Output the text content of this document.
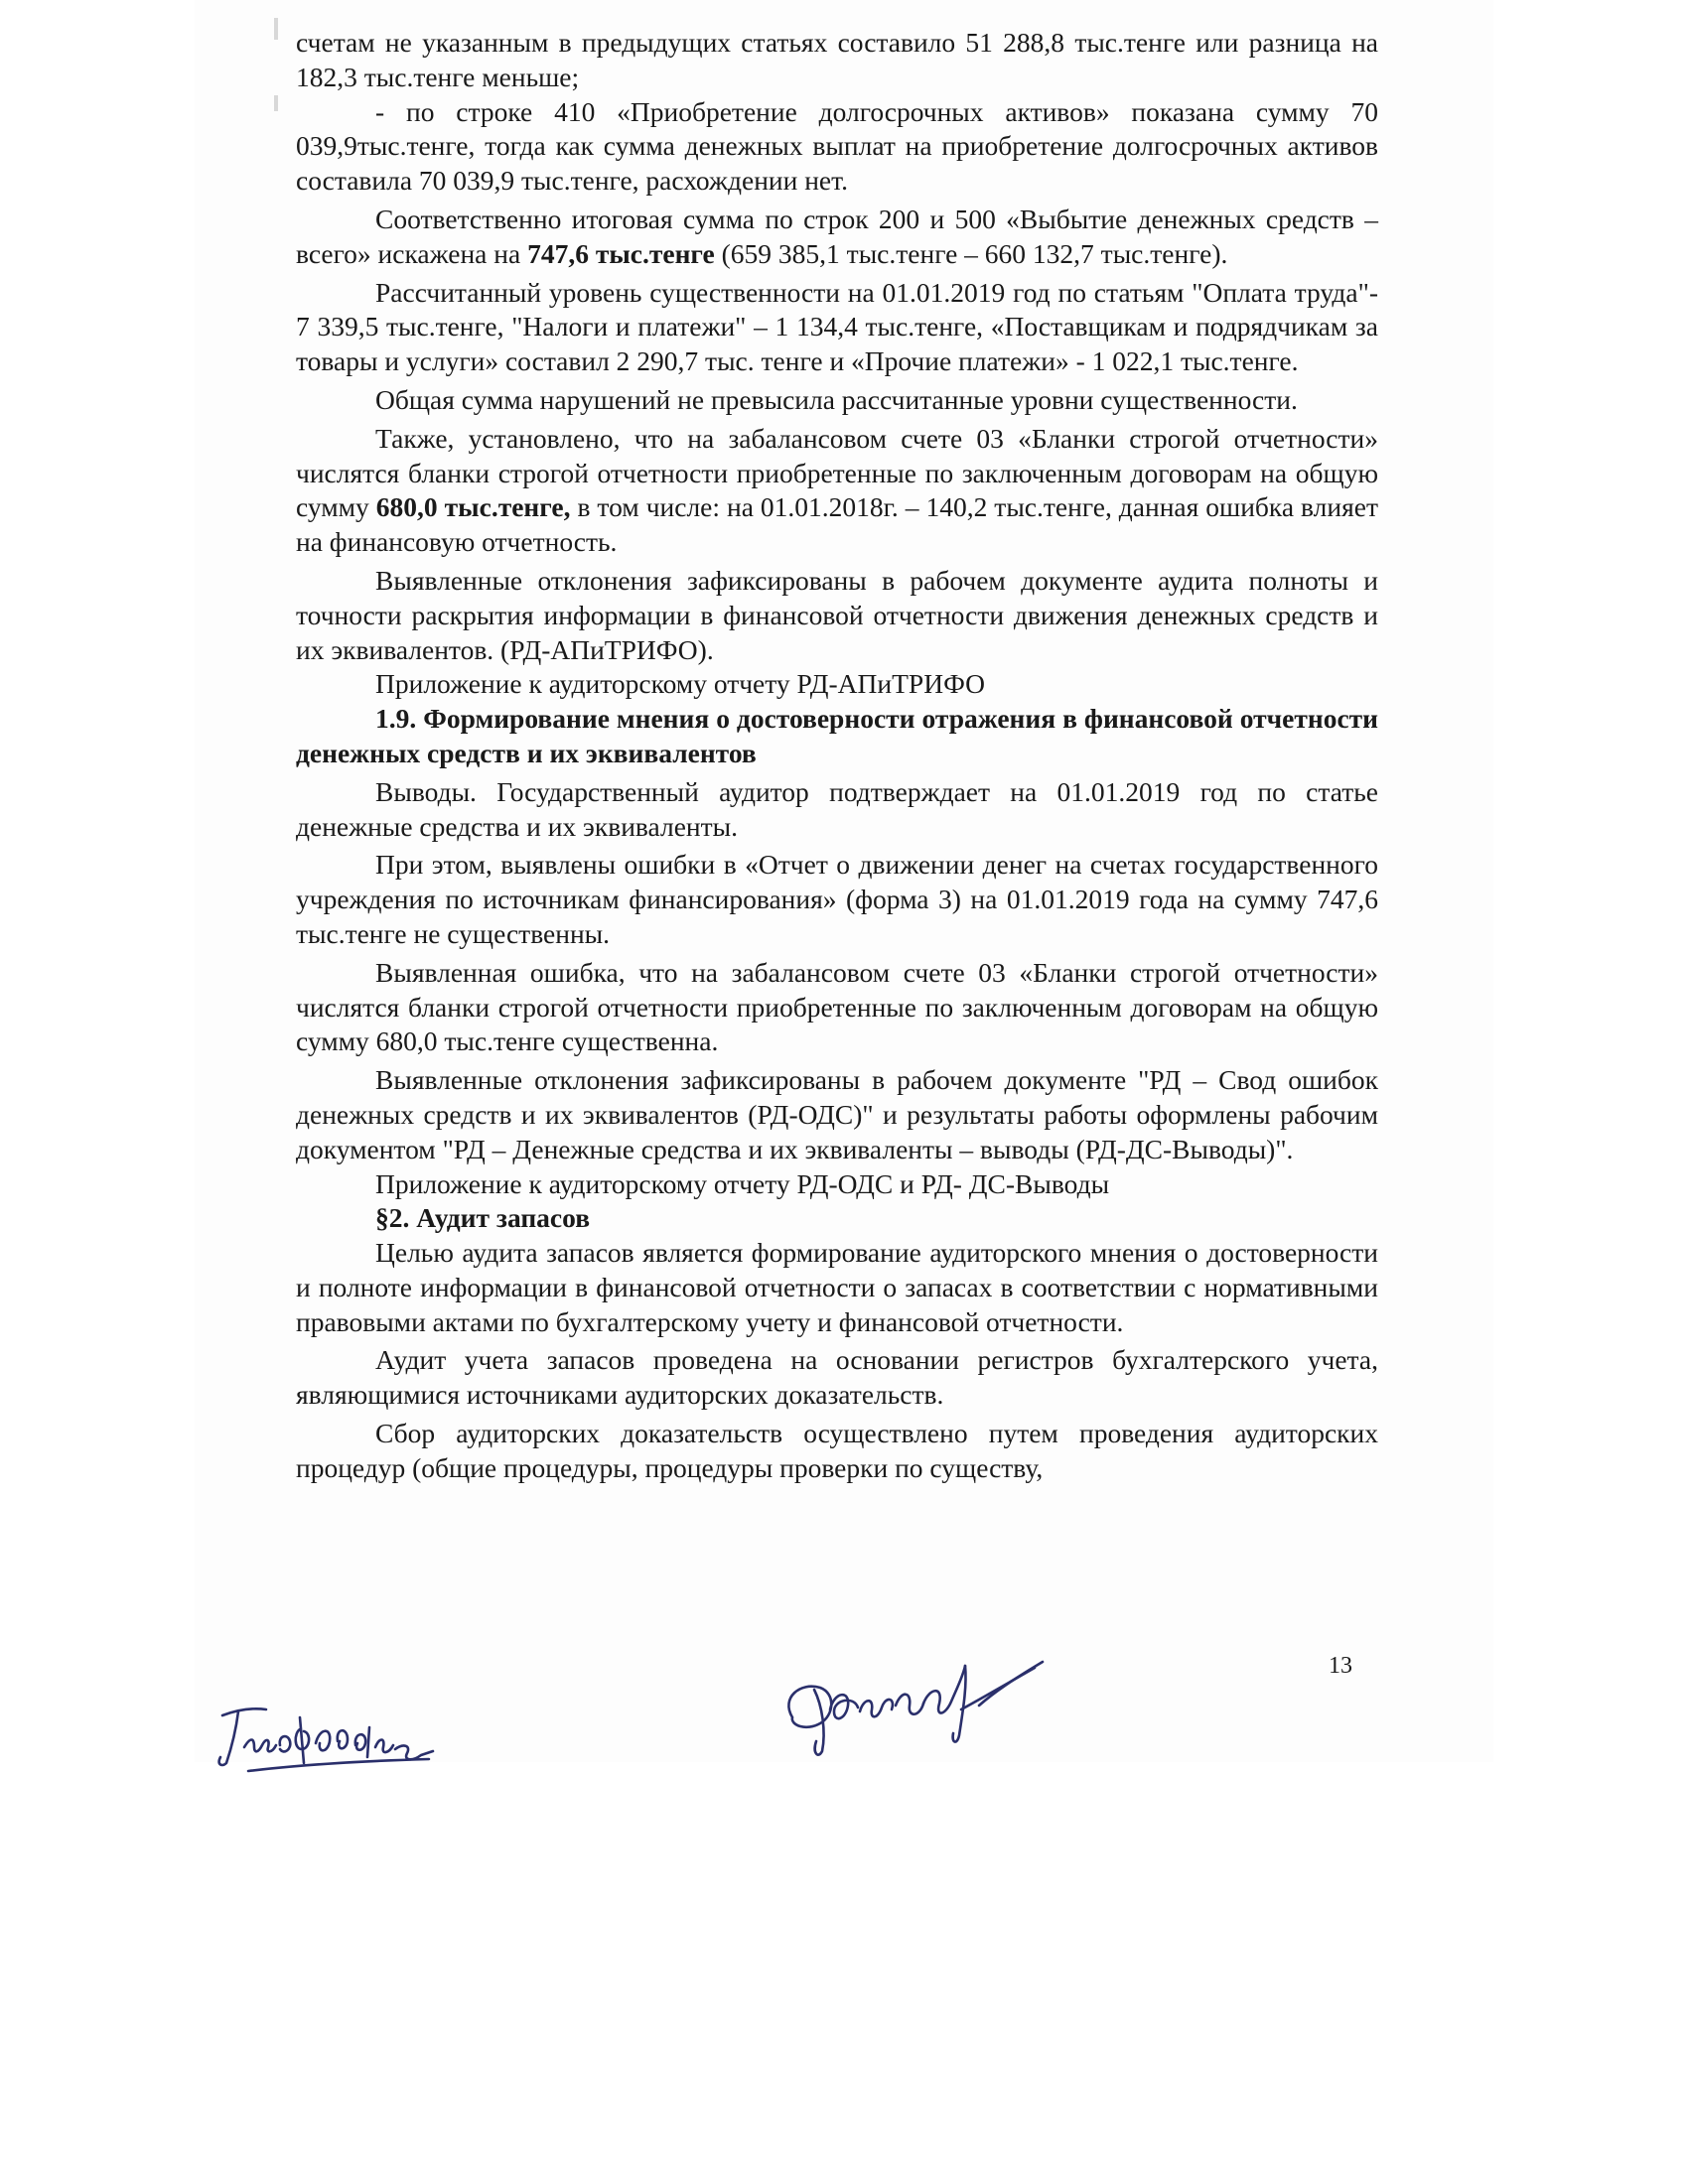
счетам не указанным в предыдущих статьях составило 51 288,8 тыс.тенге или разница на 182,3 тыс.тенге меньше;

- по строке 410 «Приобретение долгосрочных активов» показана сумму 70 039,9тыс.тенге, тогда как сумма денежных выплат на приобретение долгосрочных активов составила 70 039,9 тыс.тенге, расхождении нет.

Соответственно итоговая сумма по строк 200 и 500 «Выбытие денежных средств – всего» искажена на 747,6 тыс.тенге (659 385,1 тыс.тенге – 660 132,7 тыс.тенге).

Рассчитанный уровень существенности на 01.01.2019 год по статьям "Оплата труда"- 7 339,5 тыс.тенге, "Налоги и платежи" – 1 134,4 тыс.тенге, «Поставщикам и подрядчикам за товары и услуги» составил 2 290,7 тыс. тенге и «Прочие платежи» - 1 022,1 тыс.тенге.

Общая сумма нарушений не превысила рассчитанные уровни существенности.

Также, установлено, что на забалансовом счете 03 «Бланки строгой отчетности» числятся бланки строгой отчетности приобретенные по заключенным договорам на общую сумму 680,0 тыс.тенге, в том числе: на 01.01.2018г. – 140,2 тыс.тенге, данная ошибка влияет на финансовую отчетность.

Выявленные отклонения зафиксированы в рабочем документе аудита полноты и точности раскрытия информации в финансовой отчетности движения денежных средств и их эквивалентов. (РД-АПиТРИФО).

Приложение к аудиторскому отчету РД-АПиТРИФО

1.9. Формирование мнения о достоверности отражения в финансовой отчетности денежных средств и их эквивалентов

Выводы. Государственный аудитор подтверждает на 01.01.2019 год по статье денежные средства и их эквиваленты.

При этом, выявлены ошибки в «Отчет о движении денег на счетах государственного учреждения по источникам финансирования» (форма 3) на 01.01.2019 года на сумму 747,6 тыс.тенге не существенны.

Выявленная ошибка, что на забалансовом счете 03 «Бланки строгой отчетности» числятся бланки строгой отчетности приобретенные по заключенным договорам на общую сумму 680,0 тыс.тенге существенна.

Выявленные отклонения зафиксированы в рабочем документе "РД – Свод ошибок денежных средств и их эквивалентов (РД-ОДС)" и результаты работы оформлены рабочим документом "РД – Денежные средства и их эквиваленты – выводы (РД-ДС-Выводы)".

Приложение к аудиторскому отчету РД-ОДС и РД- ДС-Выводы

§2. Аудит запасов

Целью аудита запасов является формирование аудиторского мнения о достоверности и полноте информации в финансовой отчетности о запасах в соответствии с нормативными правовыми актами по бухгалтерскому учету и финансовой отчетности.

Аудит учета запасов проведена на основании регистров бухгалтерского учета, являющимися источниками аудиторских доказательств.

Сбор аудиторских доказательств осуществлено путем проведения аудиторских процедур (общие процедуры, процедуры проверки по существу,

13
